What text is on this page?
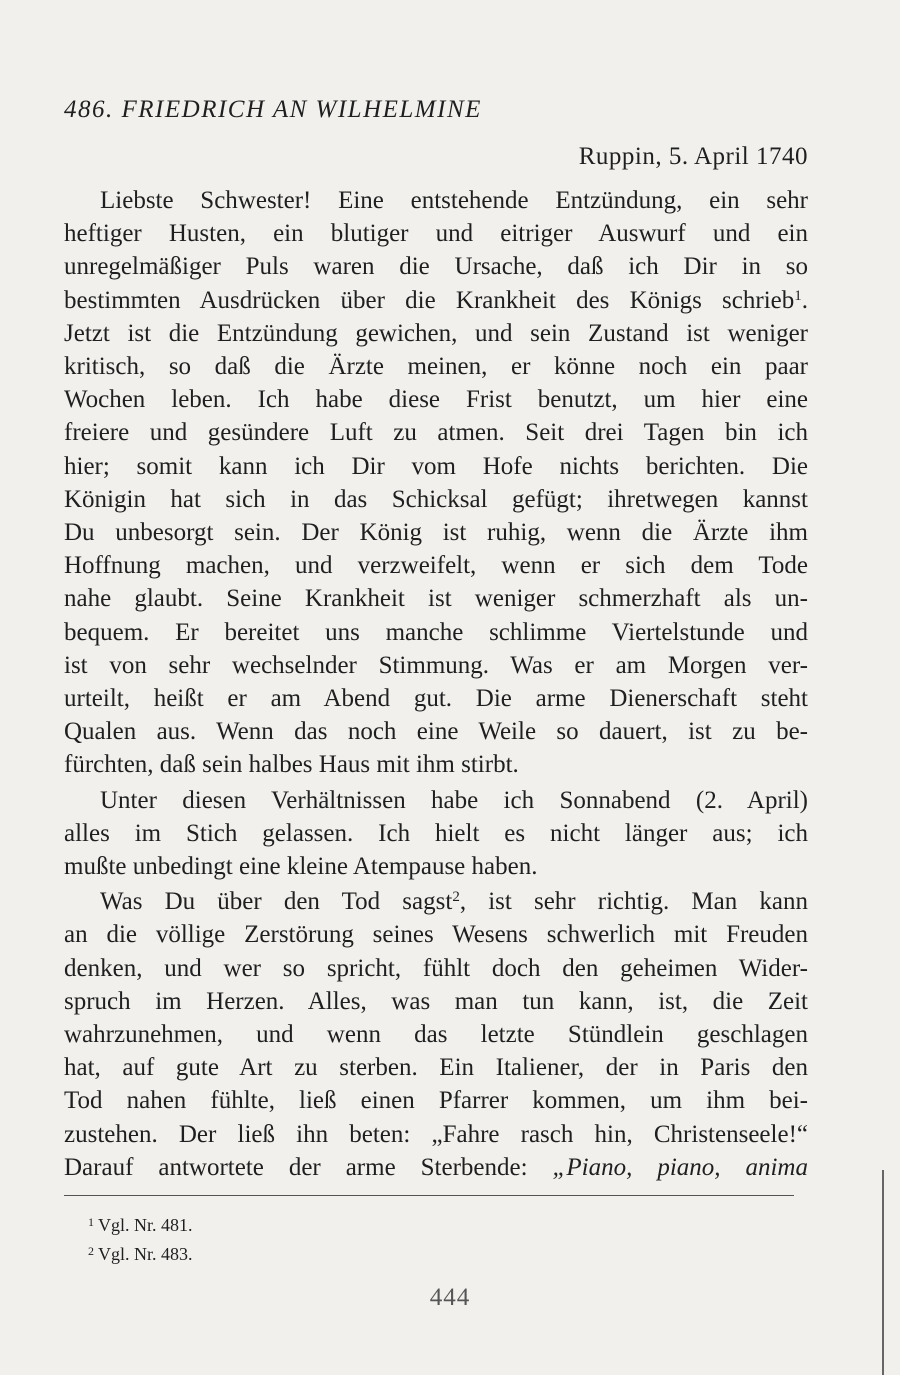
486. FRIEDRICH AN WILHELMINE
Ruppin, 5. April 1740

Liebste Schwester! Eine entstehende Entzündung, ein sehr

heftiger Husten, ein blutiger und eitriger Auswurf und ein

unregelmäßiger Puls waren die Ursache, daß ich Dir in so

bestimmten Ausdrücken über die Krankheit des Königs schrieb$^1$.

Jetzt ist die Entzündung gewichen, und sein Zustand ist weniger

kritisch, so daß die Ärzte meinen, er könne noch ein paar

Wochen leben. Ich habe diese Frist benutzt, um hier eine

freiere und gesündere Luft zu atmen. Seit drei Tagen bin ich

hier; somit kann ich Dir vom Hofe nichts berichten. Die

Königin hat sich in das Schicksal gefügt; ihretwegen kannst

Du unbesorgt sein. Der König ist ruhig, wenn die Ärzte ihm

Hoffnung machen, und verzweifelt, wenn er sich dem Tode

nahe glaubt. Seine Krankheit ist weniger schmerzhaft als un-

bequem. Er bereitet uns manche schlimme Viertelstunde und

ist von sehr wechselnder Stimmung. Was er am Morgen ver-

urteilt, heißt er am Abend gut. Die arme Dienerschaft steht

Qualen aus. Wenn das noch eine Weile so dauert, ist zu be-

fürchten, daß sein halbes Haus mit ihm stirbt.

Unter diesen Verhältnissen habe ich Sonnabend (2. April)

alles im Stich gelassen. Ich hielt es nicht länger aus; ich

mußte unbedingt eine kleine Atempause haben.

Was Du über den Tod sagst$^2$, ist sehr richtig. Man kann

an die völlige Zerstörung seines Wesens schwerlich mit Freuden

denken, und wer so spricht, fühlt doch den geheimen Wider-

spruch im Herzen. Alles, was man tun kann, ist, die Zeit

wahrzunehmen, und wenn das letzte Stündlein geschlagen

hat, auf gute Art zu sterben. Ein Italiener, der in Paris den

Tod nahen fühlte, ließ einen Pfarrer kommen, um ihm bei-

zustehen. Der ließ ihn beten: „Fahre rasch hin, Christenseele!“

Darauf antwortete der arme Sterbende: „Piano, piano, anima

$^1$ Vgl. Nr. 481.
$^2$ Vgl. Nr. 483.
444
